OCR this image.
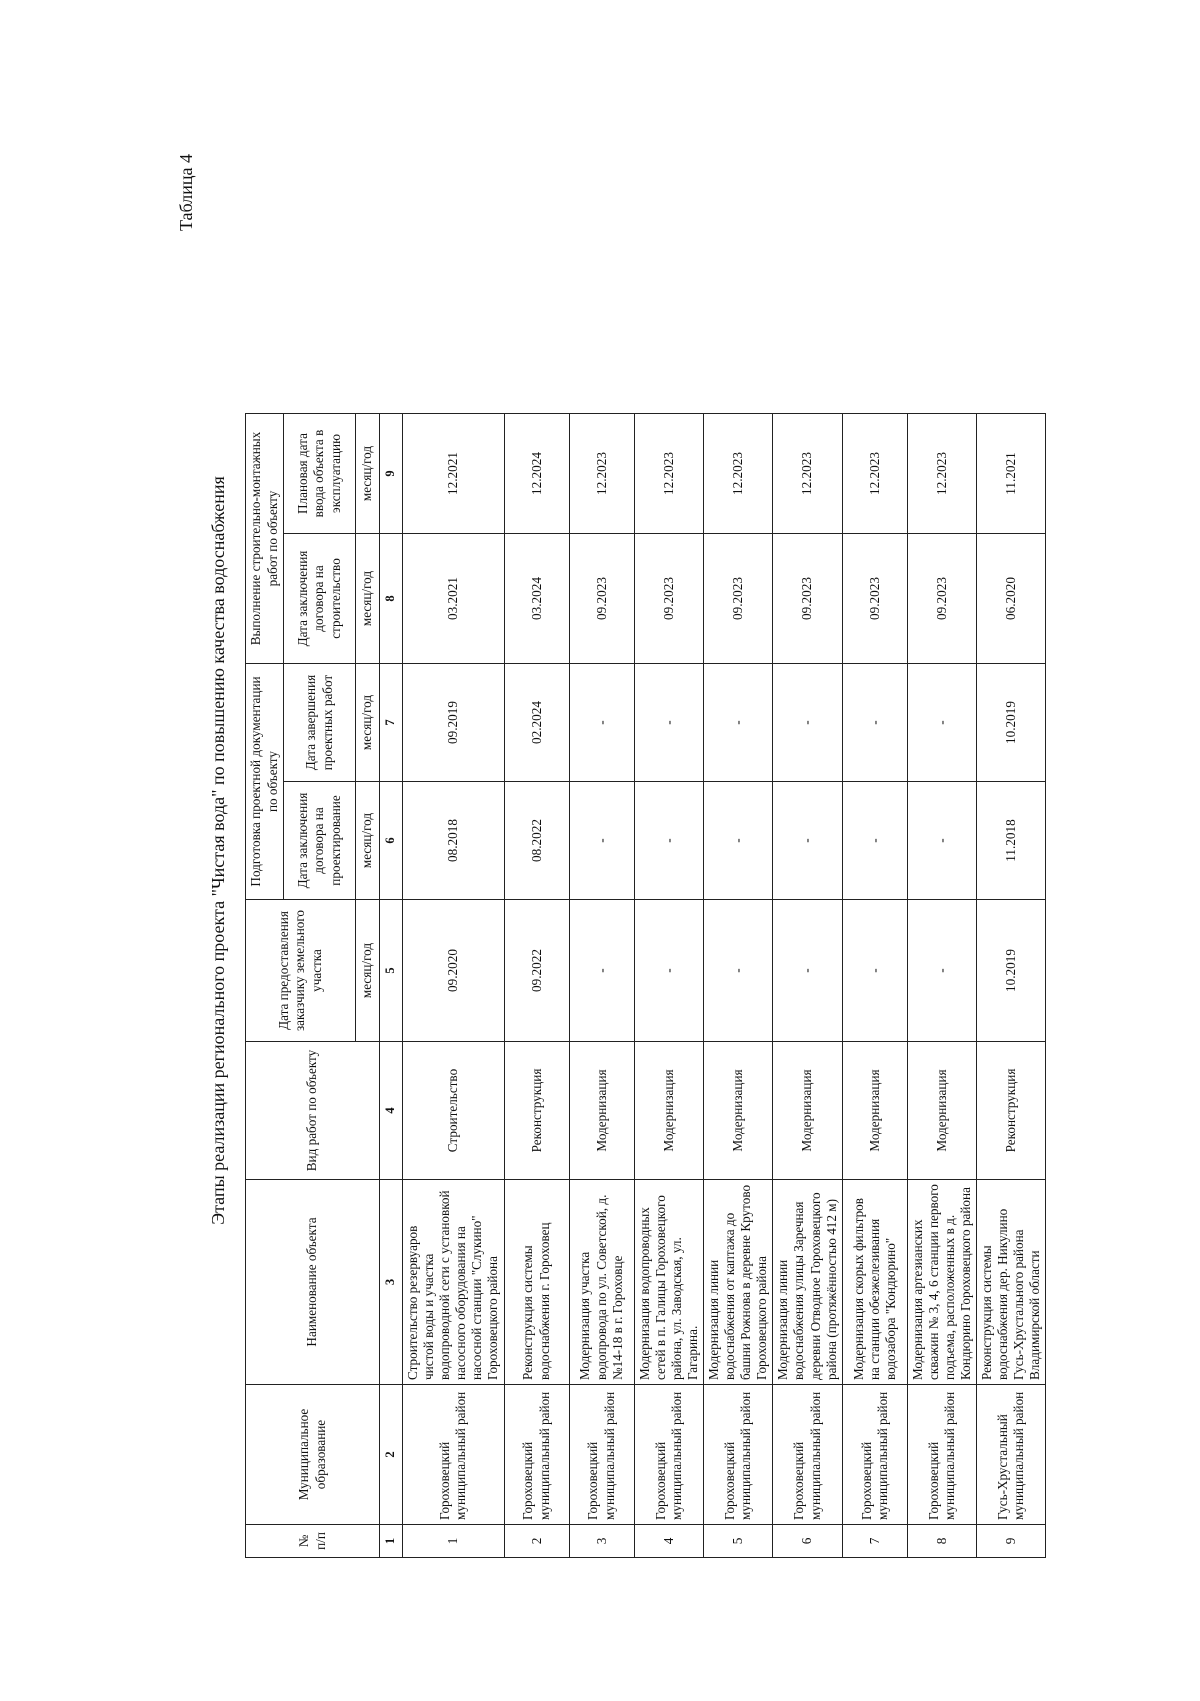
Таблица 4
Этапы реализации регионального проекта "Чистая вода" по повышению качества водоснабжения
№ п/п	Муниципальное образование	Наименование объекта	Вид работ по объекту	Дата предоставления заказчику земельного участка	Подготовка проектной документации по объекту		Выполнение строительно-монтажных работ по объекту	
					Дата заключения договора на проектирование	Дата завершения проектных работ	Дата заключения договора на строительство	Плановая дата ввода объекта в эксплуатацию
				месяц/год	месяц/год	месяц/год	месяц/год	месяц/год
1	2	3	4	5	6	7	8	9
1	Гороховецкий муниципальный район	Строительство резервуаров чистой воды и участка водопроводной сети с установкой насосного оборудования на насосной станции "Слукино" Гороховецкого района	Строительство	09.2020	08.2018	09.2019	03.2021	12.2021
2	Гороховецкий муниципальный район	Реконструкция системы водоснабжения г. Гороховец	Реконструкция	09.2022	08.2022	02.2024	03.2024	12.2024
3	Гороховецкий муниципальный район	Модернизация участка водопровода по ул. Советской, д. №14-18 в г. Гороховце	Модернизация	-	-	-	09.2023	12.2023
4	Гороховецкий муниципальный район	Модернизация водопроводных сетей в п. Галицы Гороховецкого района, ул. Заводская, ул. Гагарина.	Модернизация	-	-	-	09.2023	12.2023
5	Гороховецкий муниципальный район	Модернизация линии водоснабжения от каптажа до башни Рожнова в деревне Крутово Гороховецкого района	Модернизация	-	-	-	09.2023	12.2023
6	Гороховецкий муниципальный район	Модернизация линии водоснабжения улицы Заречная деревни Отводное Гороховецкого района (протяжённостью 412 м)	Модернизация	-	-	-	09.2023	12.2023
7	Гороховецкий муниципальный район	Модернизация скорых фильтров на станции обезжелезивания водозабора "Кондюрино"	Модернизация	-	-	-	09.2023	12.2023
8	Гороховецкий муниципальный район	Модернизация артезианских скважин № 3, 4, 6 станции первого подъема, расположенных в д. Кондюрино Гороховецкого района	Модернизация	-	-	-	09.2023	12.2023
9	Гусь-Хрустальный муниципальный район	Реконструкция системы водоснабжения дер. Никулино Гусь-Хрустального района Владимирской области	Реконструкция	10.2019	11.2018	10.2019	06.2020	11.2021
